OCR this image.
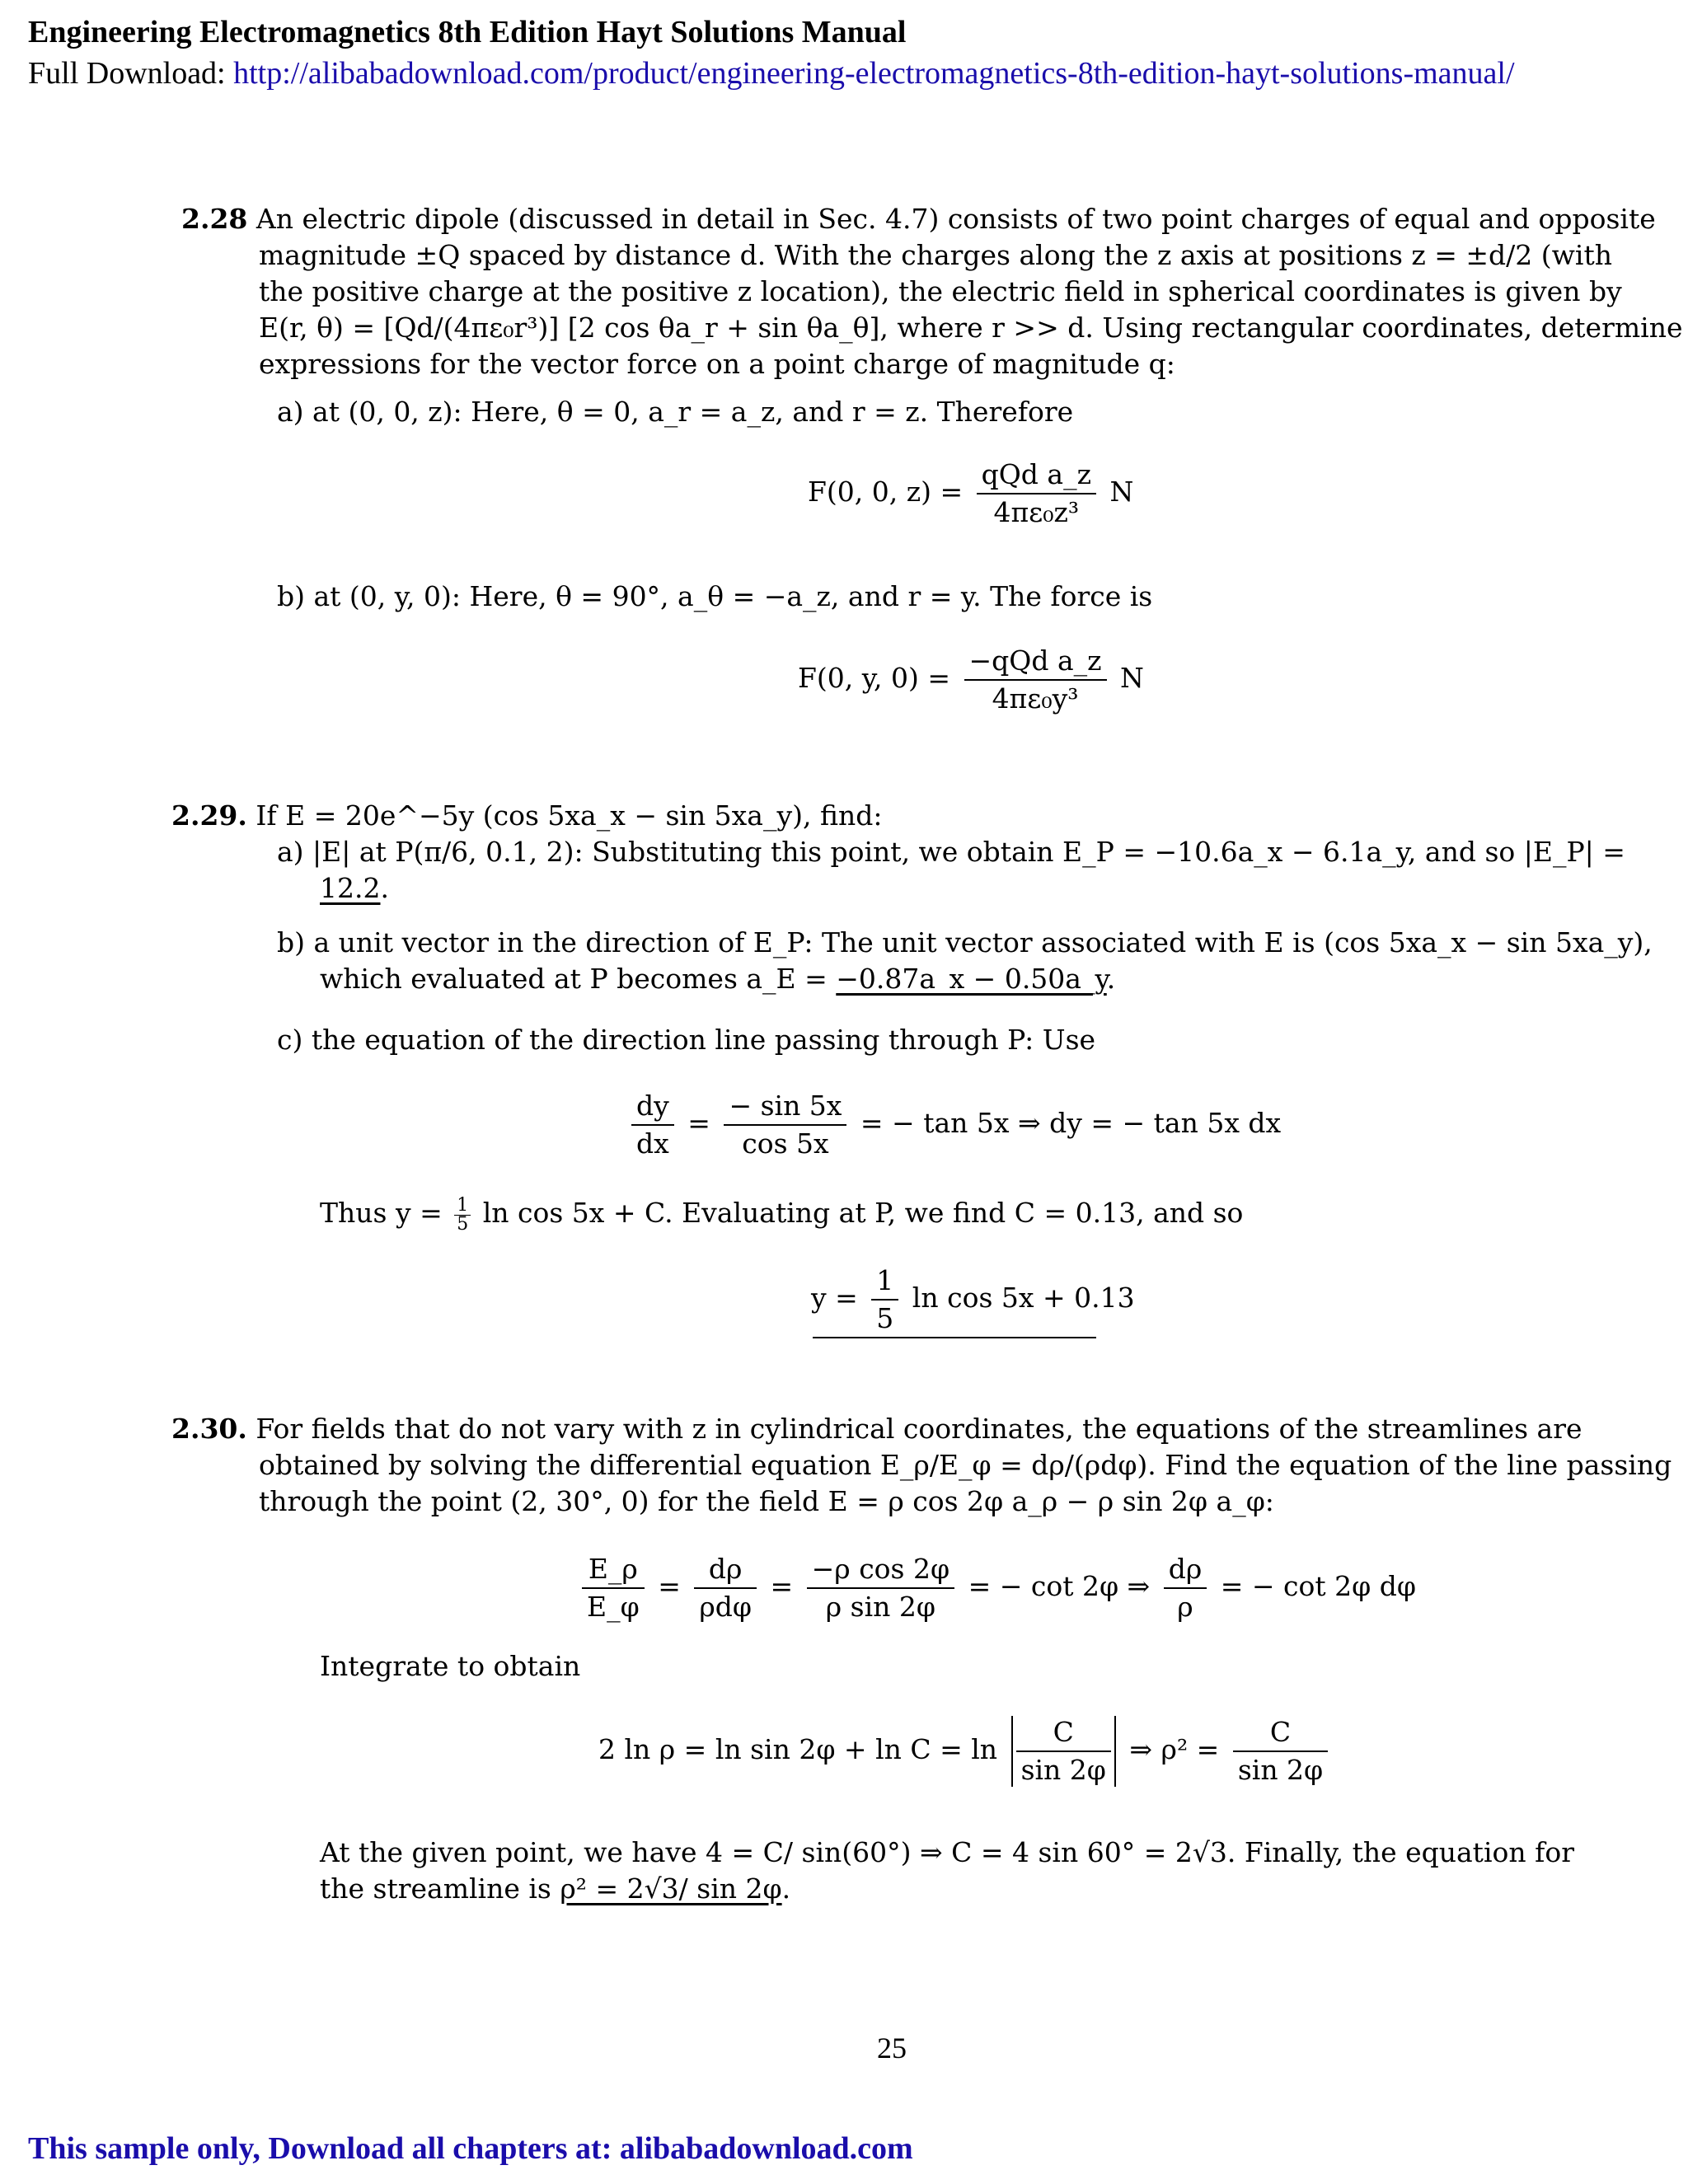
Engineering Electromagnetics 8th Edition Hayt Solutions Manual
Full Download: http://alibabadownload.com/product/engineering-electromagnetics-8th-edition-hayt-solutions-manual/
2.28 An electric dipole (discussed in detail in Sec. 4.7) consists of two point charges of equal and opposite
magnitude ±Q spaced by distance d. With the charges along the z axis at positions z = ±d/2 (with
the positive charge at the positive z location), the electric field in spherical coordinates is given by
E(r, θ) = [Qd/(4πε₀r³)] [2 cos θa_r + sin θa_θ], where r >> d. Using rectangular coordinates, determine
expressions for the vector force on a point charge of magnitude q:
a) at (0, 0, z): Here, θ = 0, a_r = a_z, and r = z. Therefore
F(0, 0, $z) = \frac{\text{qQd a\_z}}{\text{4πε₀z³}}$ N
b) at (0, y, 0): Here, θ = 90°, a_θ = −a_z, and r = y. The force is
F(0, y, $0) = \frac{\text{−qQd a\_z}}{\text{4πε₀y³}}$ N
2.29. If E = 20e^−5y (cos 5xa_x − sin 5xa_y), find:
a) |E| at P(π/6, 0.1, 2): Substituting this point, we obtain E_P = −10.6a_x − 6.1a_y, and so |E_P| =
12.2.
b) a unit vector in the direction of E_P: The unit vector associated with E is (cos 5xa_x − sin 5xa_y),
which evaluated at P becomes a_E = −0.87a_x − 0.50a_y.
c) the equation of the direction line passing through P: Use
$\frac{dy}{dx} = \frac{- \sin 5x}{\cos 5x}$ = − tan 5x ⇒ dy = − tan 5x dx
Thus $y = \frac{1}{5}$ ln cos 5x + C. Evaluating at P, we find C = 0.13, and so
$y = \frac{1}{5}$ ln cos 5x + 0.13
2.30. For fields that do not vary with z in cylindrical coordinates, the equations of the streamlines are
obtained by solving the differential equation E_ρ/E_φ = dρ/(ρdφ). Find the equation of the line passing
through the point (2, 30°, 0) for the field E = ρ cos 2φ a_ρ − ρ sin 2φ a_φ:
$\frac{E\_\rho}{E\_\varphi} = \frac{d\rho}{\text{ρdφ}} = \frac{\text{−ρ cos 2φ}}{\text{ρ sin 2φ}}$ = − cot 2φ ⇒ $\frac{d\rho}{\rho}$ = − cot 2φ dφ
Integrate to obtain
2 $\ln \rho = \ln \sin 2\varphi + \ln C = \ln \frac{C}{\sin 2\varphi}$ ⇒ $\rho^2 = \frac{C}{\sin 2\varphi}$
At the given point, we have 4 = C/ sin(60°) ⇒ C = 4 sin 60° = 2√3. Finally, the equation for
the streamline is ρ² = 2√3/ sin 2φ.
25
This sample only, Download all chapters at: alibabadownload.com
